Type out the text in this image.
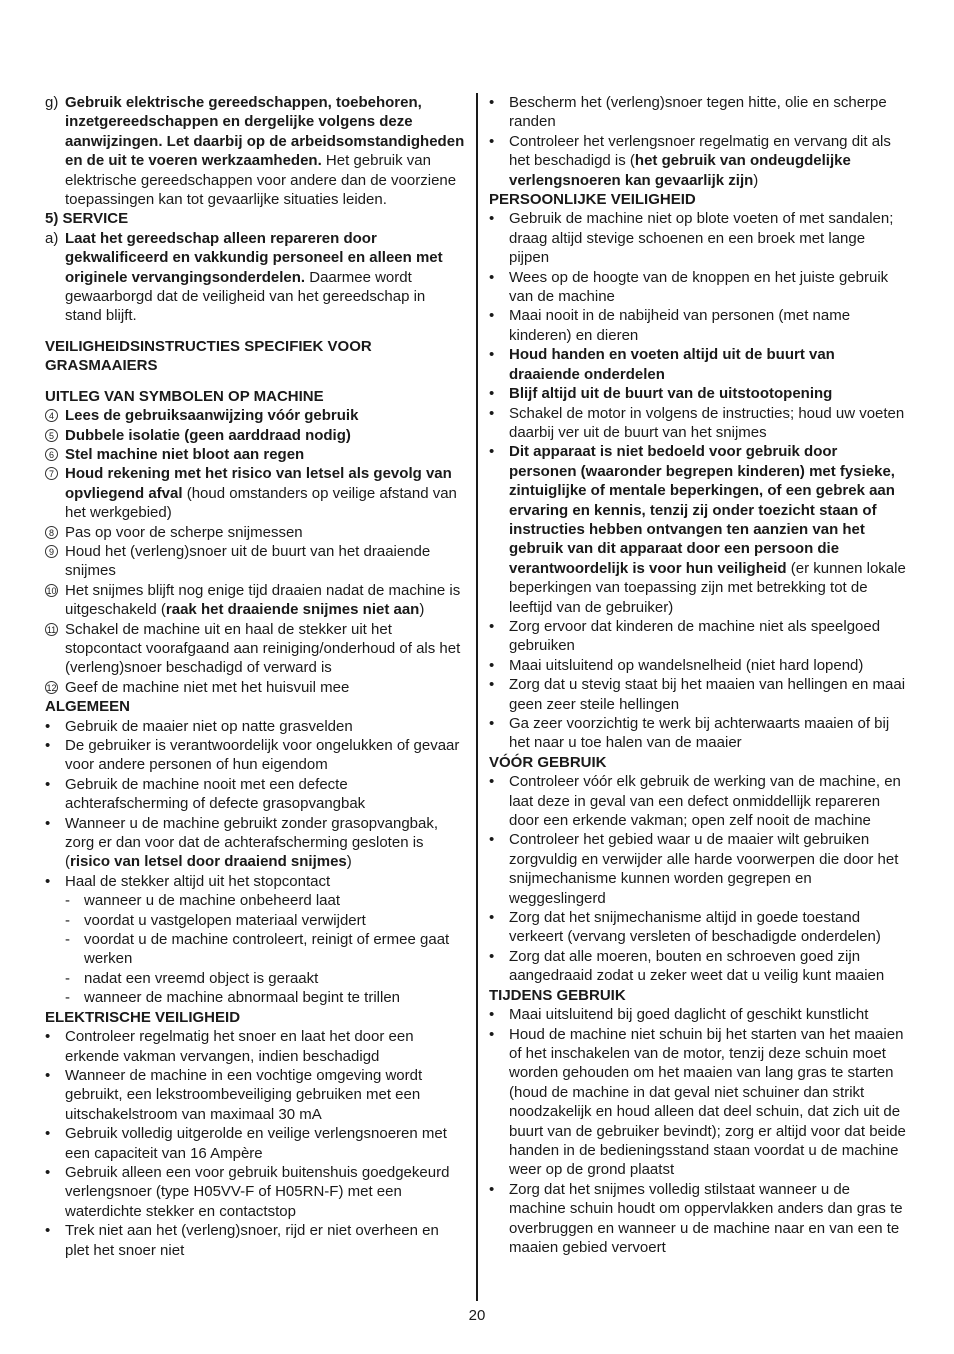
g) Gebruik elektrische gereedschappen, toebehoren, inzetgereedschappen en dergelijke volgens deze aanwijzingen. Let daarbij op de arbeidsomstandigheden en de uit te voeren werkzaamheden. Het gebruik van elektrische gereedschappen voor andere dan de voorziene toepassingen kan tot gevaarlijke situaties leiden.
5) SERVICE
a) Laat het gereedschap alleen repareren door gekwalificeerd en vakkundig personeel en alleen met originele vervangingsonderdelen. Daarmee wordt gewaarborgd dat de veiligheid van het gereedschap in stand blijft.
VEILIGHEIDSINSTRUCTIES SPECIFIEK VOOR GRASMAAIERS
UITLEG VAN SYMBOLEN OP MACHINE
4 Lees de gebruiksaanwijzing vóór gebruik
5 Dubbele isolatie (geen aarddraad nodig)
6 Stel machine niet bloot aan regen
7 Houd rekening met het risico van letsel als gevolg van opvliegend afval (houd omstanders op veilige afstand van het werkgebied)
8 Pas op voor de scherpe snijmessen
9 Houd het (verleng)snoer uit de buurt van het draaiende snijmes
10 Het snijmes blijft nog enige tijd draaien nadat de machine is uitgeschakeld (raak het draaiende snijmes niet aan)
11 Schakel de machine uit en haal de stekker uit het stopcontact voorafgaand aan reiniging/onderhoud of als het (verleng)snoer beschadigd of verward is
12 Geef de machine niet met het huisvuil mee
ALGEMEEN
• Gebruik de maaier niet op natte grasvelden
• De gebruiker is verantwoordelijk voor ongelukken of gevaar voor andere personen of hun eigendom
• Gebruik de machine nooit met een defecte achterafscherming of defecte grasopvangbak
• Wanneer u de machine gebruikt zonder grasopvangbak, zorg er dan voor dat de achterafscherming gesloten is (risico van letsel door draaiend snijmes)
• Haal de stekker altijd uit het stopcontact
- wanneer u de machine onbeheerd laat
- voordat u vastgelopen materiaal verwijdert
- voordat u de machine controleert, reinigt of ermee gaat werken
- nadat een vreemd object is geraakt
- wanneer de machine abnormaal begint te trillen
ELEKTRISCHE VEILIGHEID
• Controleer regelmatig het snoer en laat het door een erkende vakman vervangen, indien beschadigd
• Wanneer de machine in een vochtige omgeving wordt gebruikt, een lekstroombeveiliging gebruiken met een uitschakelstroom van maximaal 30 mA
• Gebruik volledig uitgerolde en veilige verlengsnoeren met een capaciteit van 16 Ampère
• Gebruik alleen een voor gebruik buitenshuis goedgekeurd verlengsnoer (type H05VV-F of H05RN-F) met een waterdichte stekker en contactstop
• Trek niet aan het (verleng)snoer, rijd er niet overheen en plet het snoer niet
• Bescherm het (verleng)snoer tegen hitte, olie en scherpe randen
• Controleer het verlengsnoer regelmatig en vervang dit als het beschadigd is (het gebruik van ondeugdelijke verlengsnoeren kan gevaarlijk zijn)
PERSOONLIJKE VEILIGHEID
• Gebruik de machine niet op blote voeten of met sandalen; draag altijd stevige schoenen en een broek met lange pijpen
• Wees op de hoogte van de knoppen en het juiste gebruik van de machine
• Maai nooit in de nabijheid van personen (met name kinderen) en dieren
• Houd handen en voeten altijd uit de buurt van draaiende onderdelen
• Blijf altijd uit de buurt van de uitstootopening
• Schakel de motor in volgens de instructies; houd uw voeten daarbij ver uit de buurt van het snijmes
• Dit apparaat is niet bedoeld voor gebruik door personen (waaronder begrepen kinderen) met fysieke, zintuiglijke of mentale beperkingen, of een gebrek aan ervaring en kennis, tenzij zij onder toezicht staan of instructies hebben ontvangen ten aanzien van het gebruik van dit apparaat door een persoon die verantwoordelijk is voor hun veiligheid (er kunnen lokale beperkingen van toepassing zijn met betrekking tot de leeftijd van de gebruiker)
• Zorg ervoor dat kinderen de machine niet als speelgoed gebruiken
• Maai uitsluitend op wandelsnelheid (niet hard lopend)
• Zorg dat u stevig staat bij het maaien van hellingen en maai geen zeer steile hellingen
• Ga zeer voorzichtig te werk bij achterwaarts maaien of bij het naar u toe halen van de maaier
VÓÓR GEBRUIK
• Controleer vóór elk gebruik de werking van de machine, en laat deze in geval van een defect onmiddellijk repareren door een erkende vakman; open zelf nooit de machine
• Controleer het gebied waar u de maaier wilt gebruiken zorgvuldig en verwijder alle harde voorwerpen die door het snijmechanisme kunnen worden gegrepen en weggeslingerd
• Zorg dat het snijmechanisme altijd in goede toestand verkeert (vervang versleten of beschadigde onderdelen)
• Zorg dat alle moeren, bouten en schroeven goed zijn aangedraaid zodat u zeker weet dat u veilig kunt maaien
TIJDENS GEBRUIK
• Maai uitsluitend bij goed daglicht of geschikt kunstlicht
• Houd de machine niet schuin bij het starten van het maaien of het inschakelen van de motor, tenzij deze schuin moet worden gehouden om het maaien van lang gras te starten (houd de machine in dat geval niet schuiner dan strikt noodzakelijk en houd alleen dat deel schuin, dat zich uit de buurt van de gebruiker bevindt); zorg er altijd voor dat beide handen in de bedieningsstand staan voordat u de machine weer op de grond plaatst
• Zorg dat het snijmes volledig stilstaat wanneer u de machine schuin houdt om oppervlakken anders dan gras te overbruggen en wanneer u de machine naar en van een te maaien gebied vervoert
20
